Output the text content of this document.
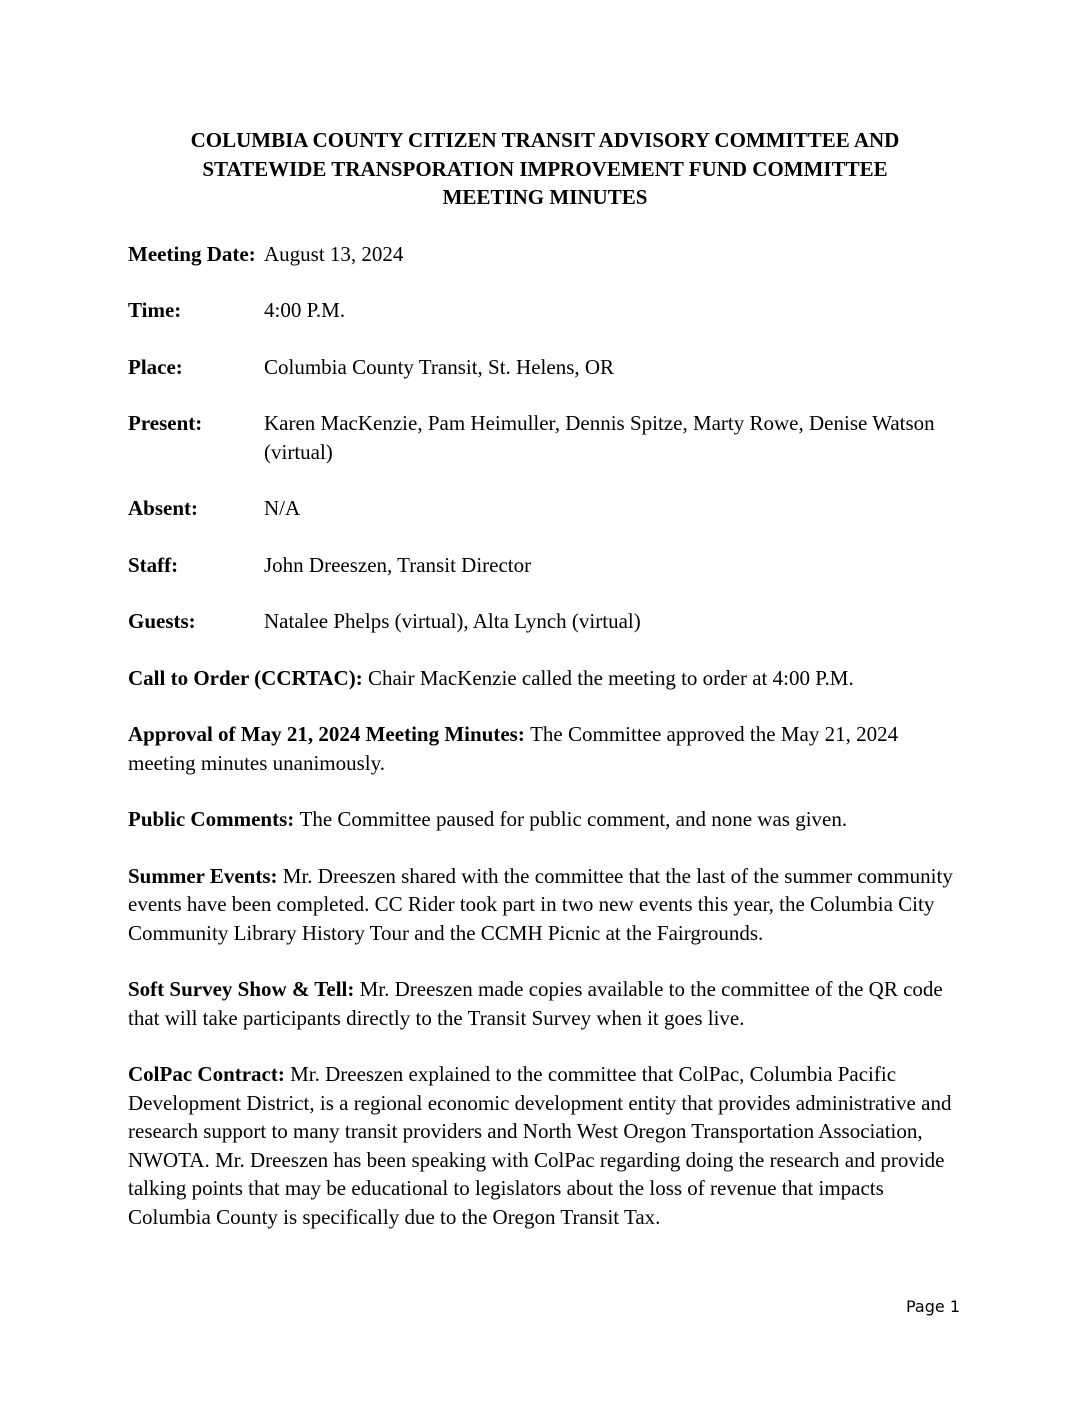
COLUMBIA COUNTY CITIZEN TRANSIT ADVISORY COMMITTEE AND
STATEWIDE TRANSPORATION IMPROVEMENT FUND COMMITTEE
MEETING MINUTES
Meeting Date: August 13, 2024
Time:	4:00 P.M.
Place:	Columbia County Transit, St. Helens, OR
Present:	Karen MacKenzie, Pam Heimuller, Dennis Spitze, Marty Rowe, Denise Watson (virtual)
Absent:	N/A
Staff:	John Dreeszen, Transit Director
Guests:	Natalee Phelps (virtual), Alta Lynch (virtual)
Call to Order (CCRTAC): Chair MacKenzie called the meeting to order at 4:00 P.M.
Approval of May 21, 2024 Meeting Minutes: The Committee approved the May 21, 2024 meeting minutes unanimously.
Public Comments: The Committee paused for public comment, and none was given.
Summer Events: Mr. Dreeszen shared with the committee that the last of the summer community events have been completed. CC Rider took part in two new events this year, the Columbia City Community Library History Tour and the CCMH Picnic at the Fairgrounds.
Soft Survey Show & Tell: Mr. Dreeszen made copies available to the committee of the QR code that will take participants directly to the Transit Survey when it goes live.
ColPac Contract: Mr. Dreeszen explained to the committee that ColPac, Columbia Pacific Development District, is a regional economic development entity that provides administrative and research support to many transit providers and North West Oregon Transportation Association, NWOTA. Mr. Dreeszen has been speaking with ColPac regarding doing the research and provide talking points that may be educational to legislators about the loss of revenue that impacts Columbia County is specifically due to the Oregon Transit Tax.
Page 1
